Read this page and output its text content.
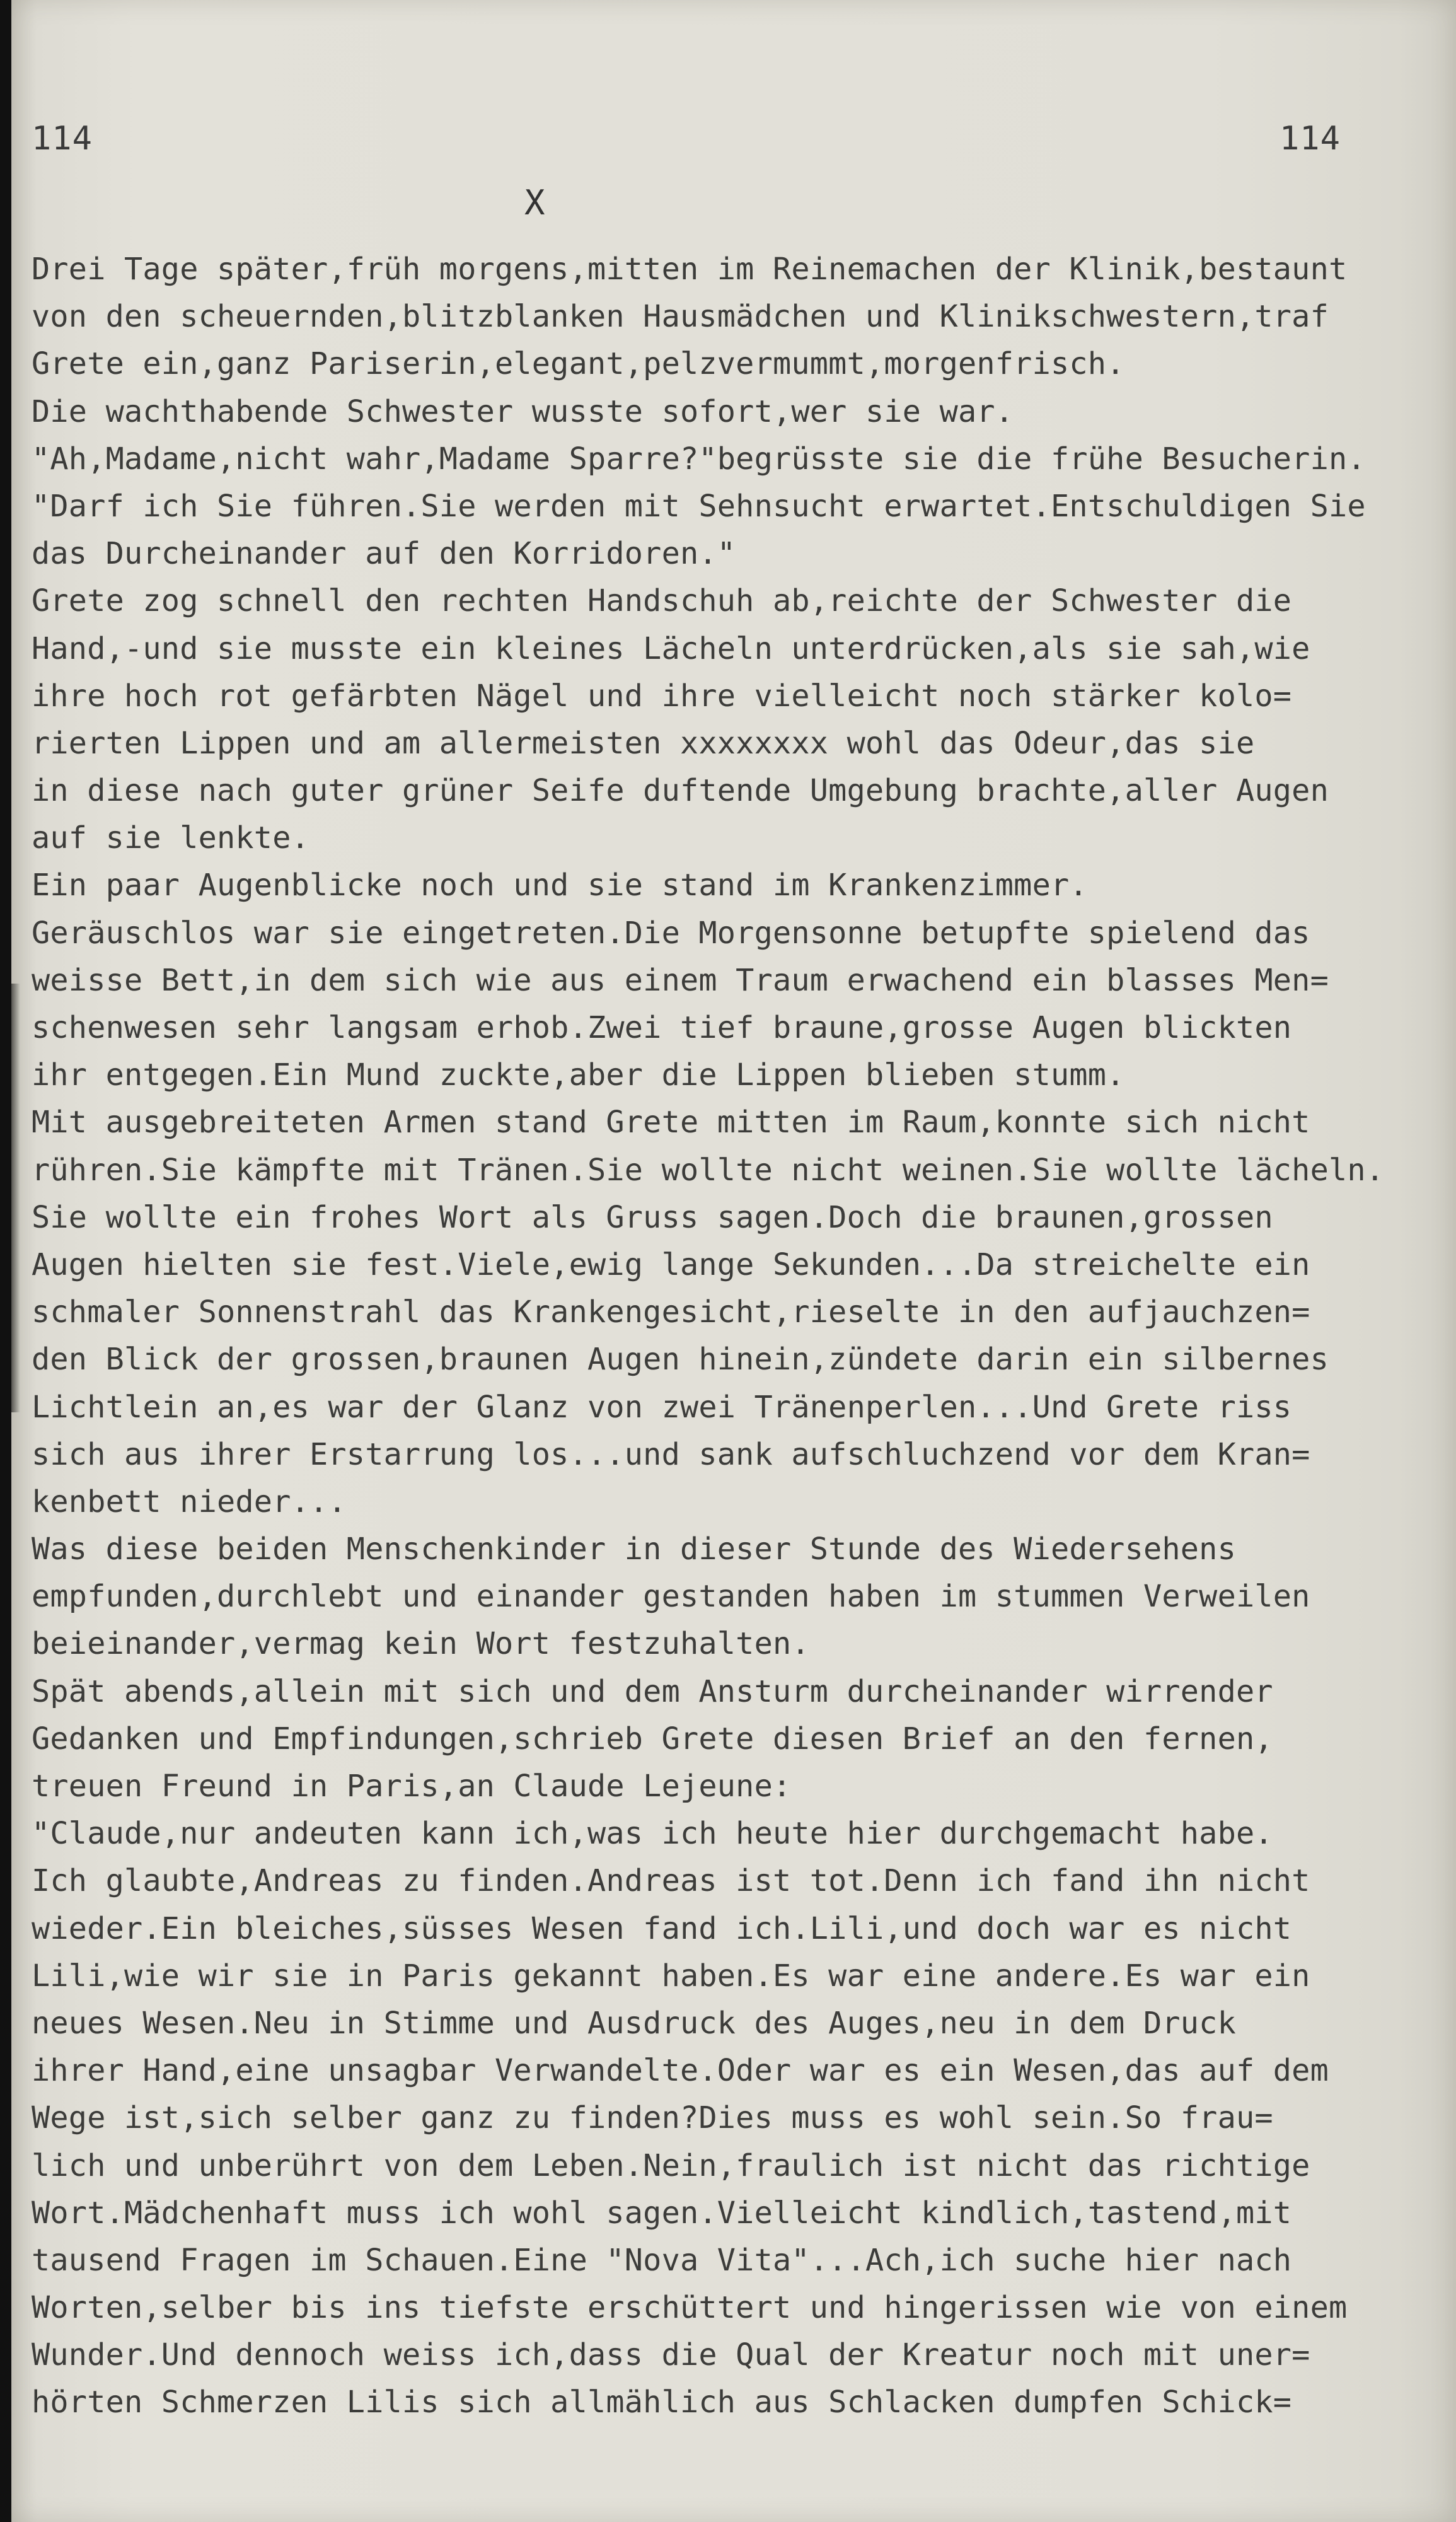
114	114
X
Drei Tage später,früh morgens,mitten im Reinemachen der Klinik,bestaunt
von den scheuernden,blitzblanken Hausmädchen und Klinikschwestern,traf
Grete ein,ganz Pariserin,elegant,pelzvermummt,morgenfrisch.
Die wachthabende Schwester wusste sofort,wer sie war.
"Ah,Madame,nicht wahr,Madame Sparre?"begrüsste sie die frühe Besucherin.
"Darf ich Sie führen.Sie werden mit Sehnsucht erwartet.Entschuldigen Sie
das Durcheinander auf den Korridoren."
Grete zog schnell den rechten Handschuh ab,reichte der Schwester die
Hand,-und sie musste ein kleines Lächeln unterdrücken,als sie sah,wie
ihre hoch rot gefärbten Nägel und ihre vielleicht noch stärker kolo=
rierten Lippen und am allermeisten xxxxxxxx wohl das Odeur,das sie
in diese nach guter grüner Seife duftende Umgebung brachte,aller Augen
auf sie lenkte.
Ein paar Augenblicke noch und sie stand im Krankenzimmer.
Geräuschlos war sie eingetreten.Die Morgensonne betupfte spielend das
weisse Bett,in dem sich wie aus einem Traum erwachend ein blasses Men=
schenwesen sehr langsam erhob.Zwei tief braune,grosse Augen blickten
ihr entgegen.Ein Mund zuckte,aber die Lippen blieben stumm.
Mit ausgebreiteten Armen stand Grete mitten im Raum,konnte sich nicht
rühren.Sie kämpfte mit Tränen.Sie wollte nicht weinen.Sie wollte lächeln.
Sie wollte ein frohes Wort als Gruss sagen.Doch die braunen,grossen
Augen hielten sie fest.Viele,ewig lange Sekunden...Da streichelte ein
schmaler Sonnenstrahl das Krankengesicht,rieselte in den aufjauchzen=
den Blick der grossen,braunen Augen hinein,zündete darin ein silbernes
Lichtlein an,es war der Glanz von zwei Tränenperlen...Und Grete riss
sich aus ihrer Erstarrung los...und sank aufschluchzend vor dem Kran=
kenbett nieder...
Was diese beiden Menschenkinder in dieser Stunde des Wiedersehens
empfunden,durchlebt und einander gestanden haben im stummen Verweilen
beieinander,vermag kein Wort festzuhalten.
Spät abends,allein mit sich und dem Ansturm durcheinander wirrender
Gedanken und Empfindungen,schrieb Grete diesen Brief an den fernen,
treuen Freund in Paris,an Claude Lejeune:
"Claude,nur andeuten kann ich,was ich heute hier durchgemacht habe.
Ich glaubte,Andreas zu finden.Andreas ist tot.Denn ich fand ihn nicht
wieder.Ein bleiches,süsses Wesen fand ich.Lili,und doch war es nicht
Lili,wie wir sie in Paris gekannt haben.Es war eine andere.Es war ein
neues Wesen.Neu in Stimme und Ausdruck des Auges,neu in dem Druck
ihrer Hand,eine unsagbar Verwandelte.Oder war es ein Wesen,das auf dem
Wege ist,sich selber ganz zu finden?Dies muss es wohl sein.So frau=
lich und unberührt von dem Leben.Nein,fraulich ist nicht das richtige
Wort.Mädchenhaft muss ich wohl sagen.Vielleicht kindlich,tastend,mit
tausend Fragen im Schauen.Eine "Nova Vita"...Ach,ich suche hier nach
Worten,selber bis ins tiefste erschüttert und hingerissen wie von einem
Wunder.Und dennoch weiss ich,dass die Qual der Kreatur noch mit uner=
hörten Schmerzen Lilis sich allmählich aus Schlacken dumpfen Schick=
